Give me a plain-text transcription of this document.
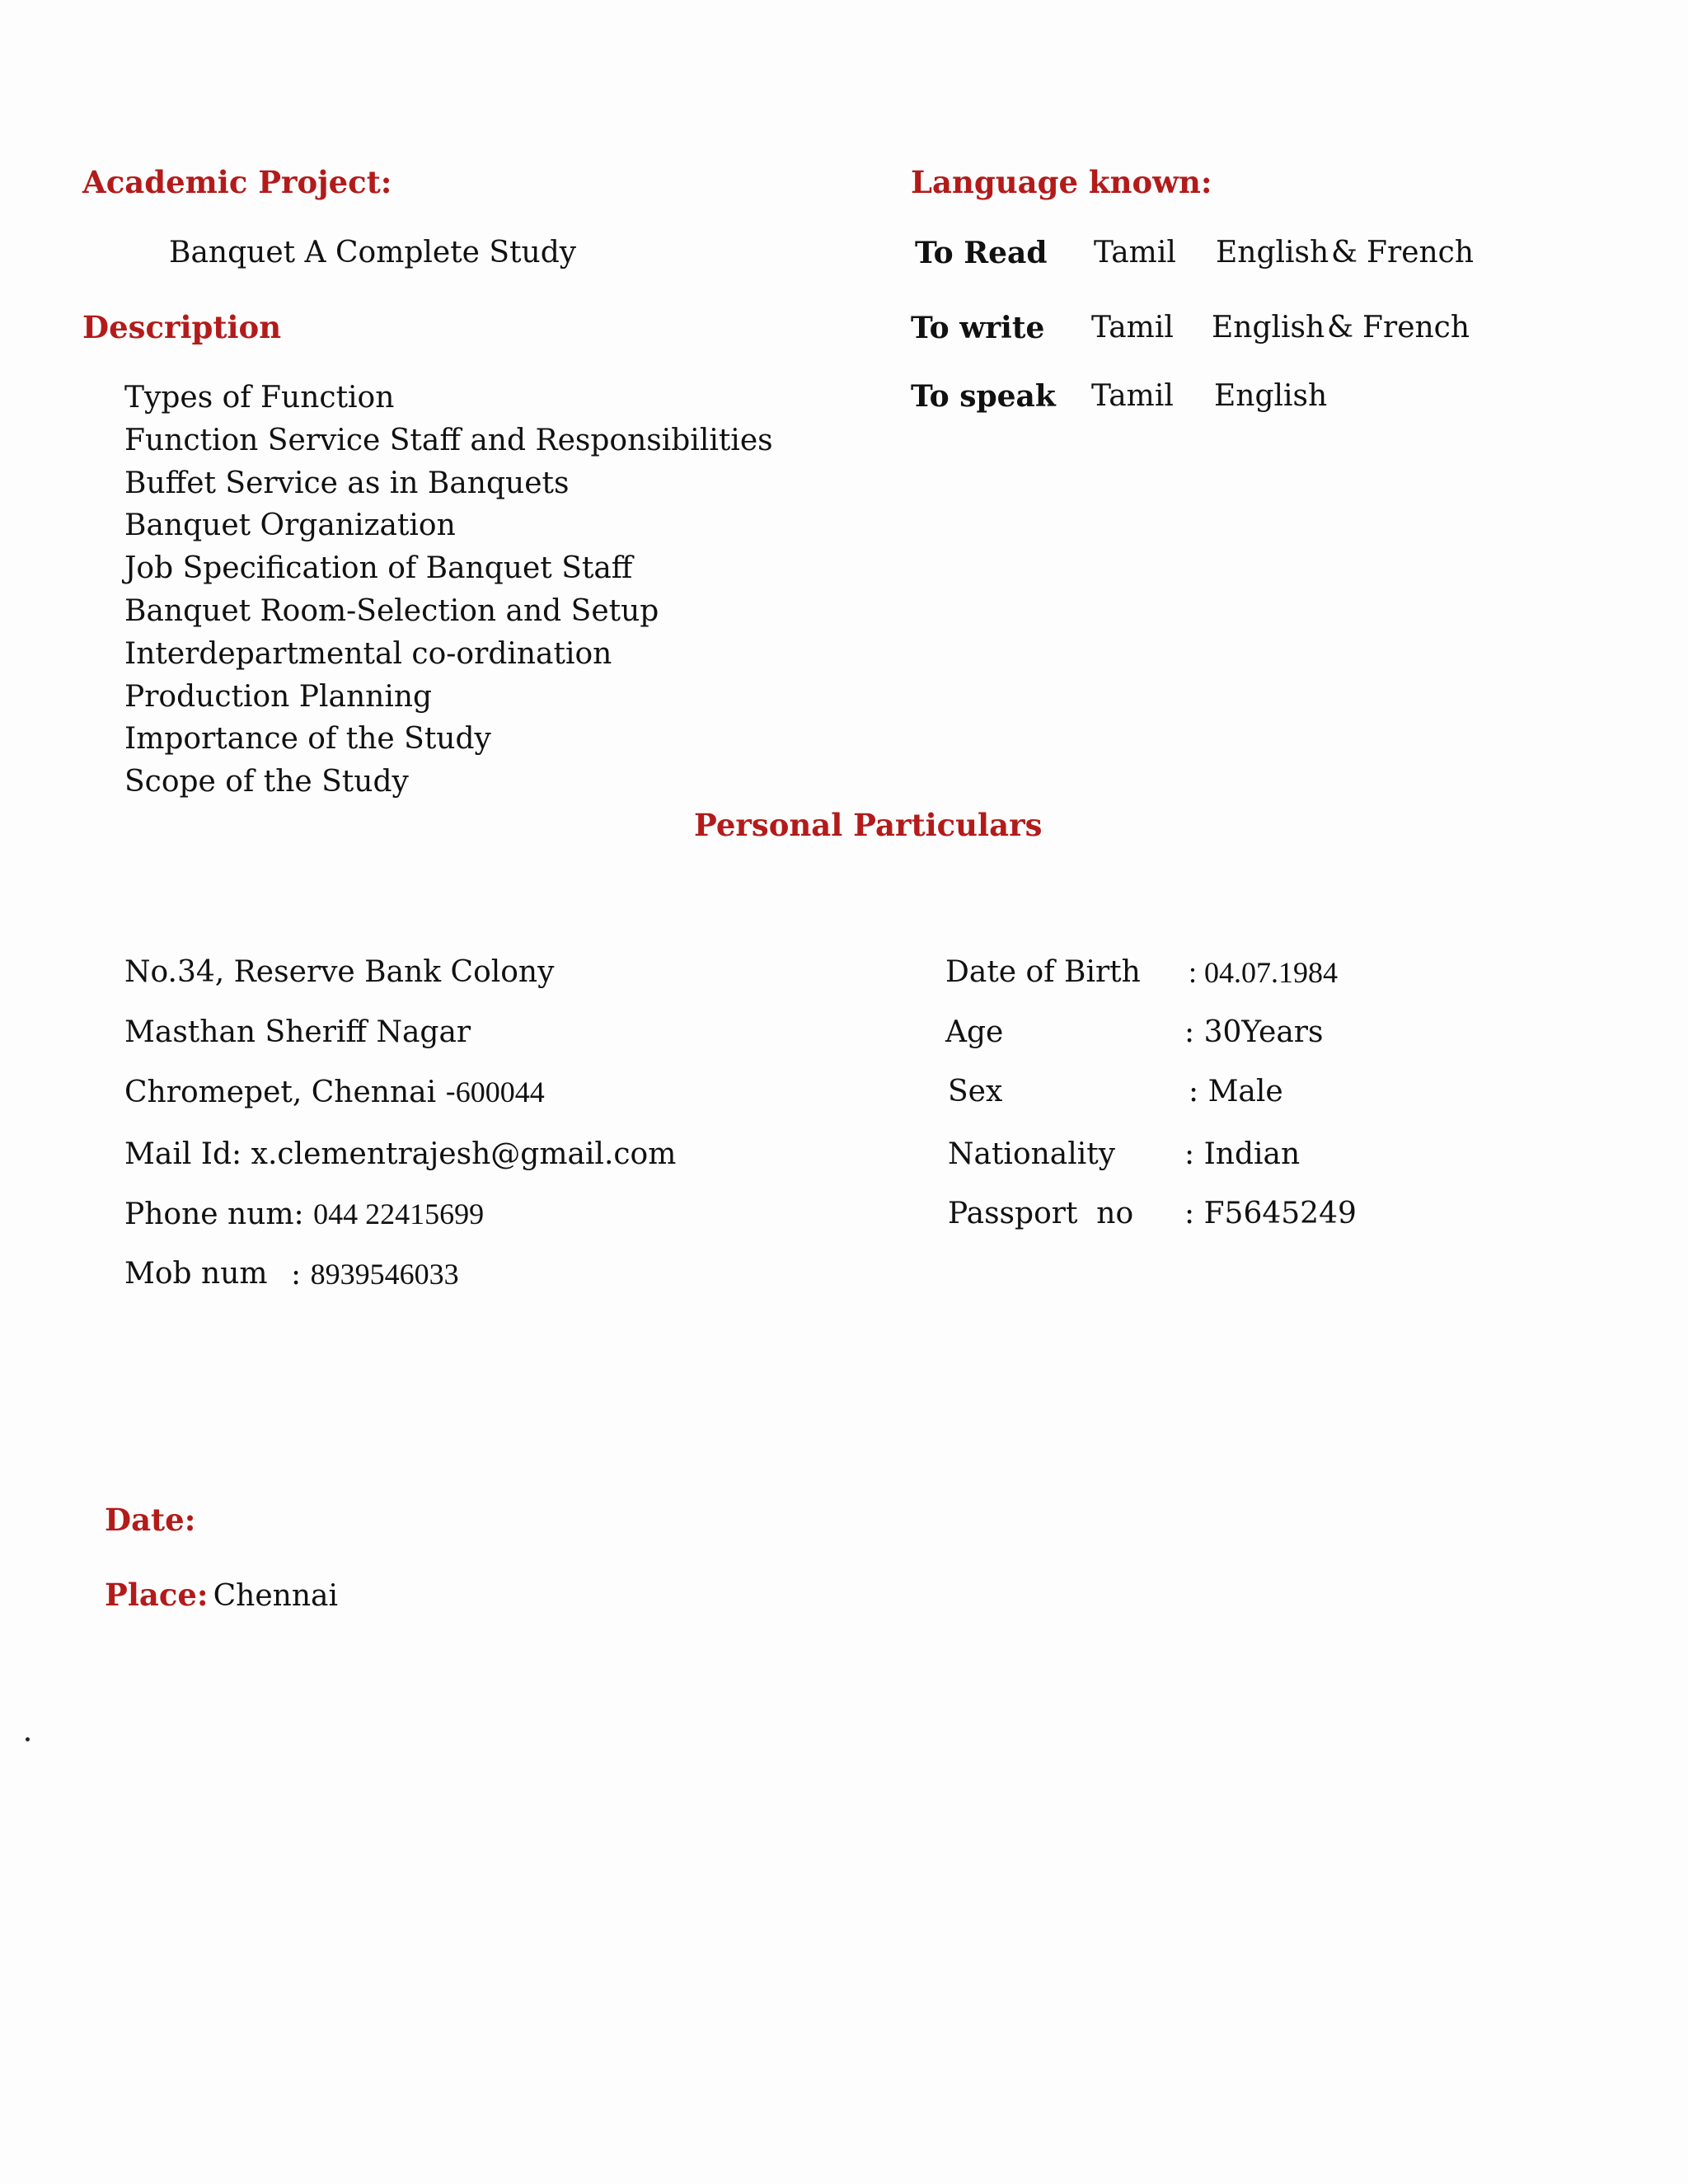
Academic Project:

Banquet A Complete Study

Description
Types of Function
Function Service Staff and Responsibilities
Buffet Service as in Banquets
Banquet Organization
Job Specification of Banquet Staff
Banquet Room-Selection and Setup
Interdepartmental co-ordination
Production Planning
Importance of the Study
Scope of the Study
Language known:
To Read Tamil English & French
To write Tamil English & French
To speak Tamil English
Personal Particulars

No.34, Reserve Bank Colony

Masthan Sheriff Nagar

Chromepet, Chennai -600044

Mail Id: x.clementrajesh@gmail.com

Phone num: 044 22415699

Mob num : 8939546033

Date of Birth : 04.07.1984
Age	: 30Years
Sex	: Male
Nationality : Indian
Passport  no : F5645249
Date:

Place: Chennai
